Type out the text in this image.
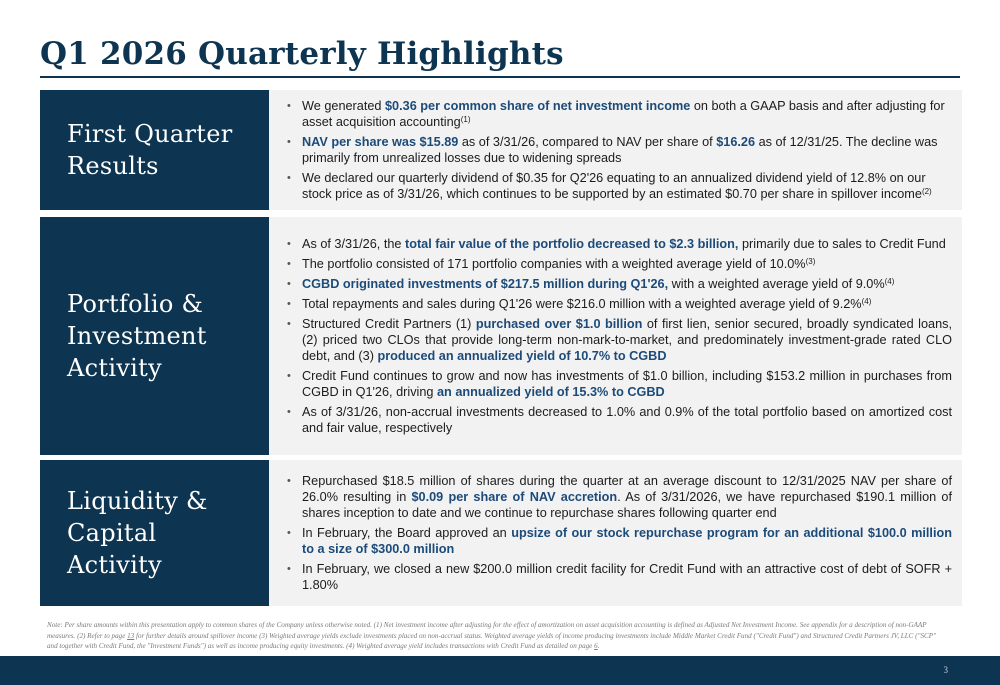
Q1 2026 Quarterly Highlights
First Quarter
Results
• We generated $0.36 per common share of net investment income on both a GAAP basis and after adjusting for asset acquisition accounting$^{(1)}$
• NAV per share was $15.89 as of 3/31/26, compared to NAV per share of $16.26 as of 12/31/25. The decline was primarily from unrealized losses due to widening spreads
• We declared our quarterly dividend of $0.35 for Q2'26 equating to an annualized dividend yield of 12.8% on our stock price as of 3/31/26, which continues to be supported by an estimated $0.70 per share in spillover income$^{(2)}$
Portfolio &
Investment
Activity
• As of 3/31/26, the total fair value of the portfolio decreased to $2.3 billion, primarily due to sales to Credit Fund
• The portfolio consisted of 171 portfolio companies with a weighted average yield of 10.0%$^{(3)}$
• CGBD originated investments of $217.5 million during Q1'26, with a weighted average yield of 9.0%$^{(4)}$
• Total repayments and sales during Q1'26 were $216.0 million with a weighted average yield of 9.2%$^{(4)}$
• Structured Credit Partners (1) purchased over $1.0 billion of first lien, senior secured, broadly syndicated loans, (2) priced two CLOs that provide long-term non-mark-to-market, and predominately investment-grade rated CLO debt, and (3) produced an annualized yield of 10.7% to CGBD
• Credit Fund continues to grow and now has investments of $1.0 billion, including $153.2 million in purchases from CGBD in Q1'26, driving an annualized yield of 15.3% to CGBD
• As of 3/31/26, non-accrual investments decreased to 1.0% and 0.9% of the total portfolio based on amortized cost and fair value, respectively
Liquidity &
Capital
Activity
• Repurchased $18.5 million of shares during the quarter at an average discount to 12/31/2025 NAV per share of 26.0% resulting in $0.09 per share of NAV accretion. As of 3/31/2026, we have repurchased $190.1 million of shares inception to date and we continue to repurchase shares following quarter end
• In February, the Board approved an upsize of our stock repurchase program for an additional $100.0 million to a size of $300.0 million
• In February, we closed a new $200.0 million credit facility for Credit Fund with an attractive cost of debt of SOFR + 1.80%
Note: Per share amounts within this presentation apply to common shares of the Company unless otherwise noted. (1) Net investment income after adjusting for the effect of amortization on asset acquisition accounting is defined as Adjusted Net Investment Income. See appendix for a description of non-GAAP measures. (2) Refer to page 13 for further details around spillover income (3) Weighted average yields exclude investments placed on non-accrual status. Weighted average yields of income producing investments include Middle Market Credit Fund ("Credit Fund") and Structured Credit Partners JV, LLC ("SCP" and together with Credit Fund, the "Investment Funds") as well as income producing equity investments. (4) Weighted average yield includes transactions with Credit Fund as detailed on page 6.
3
